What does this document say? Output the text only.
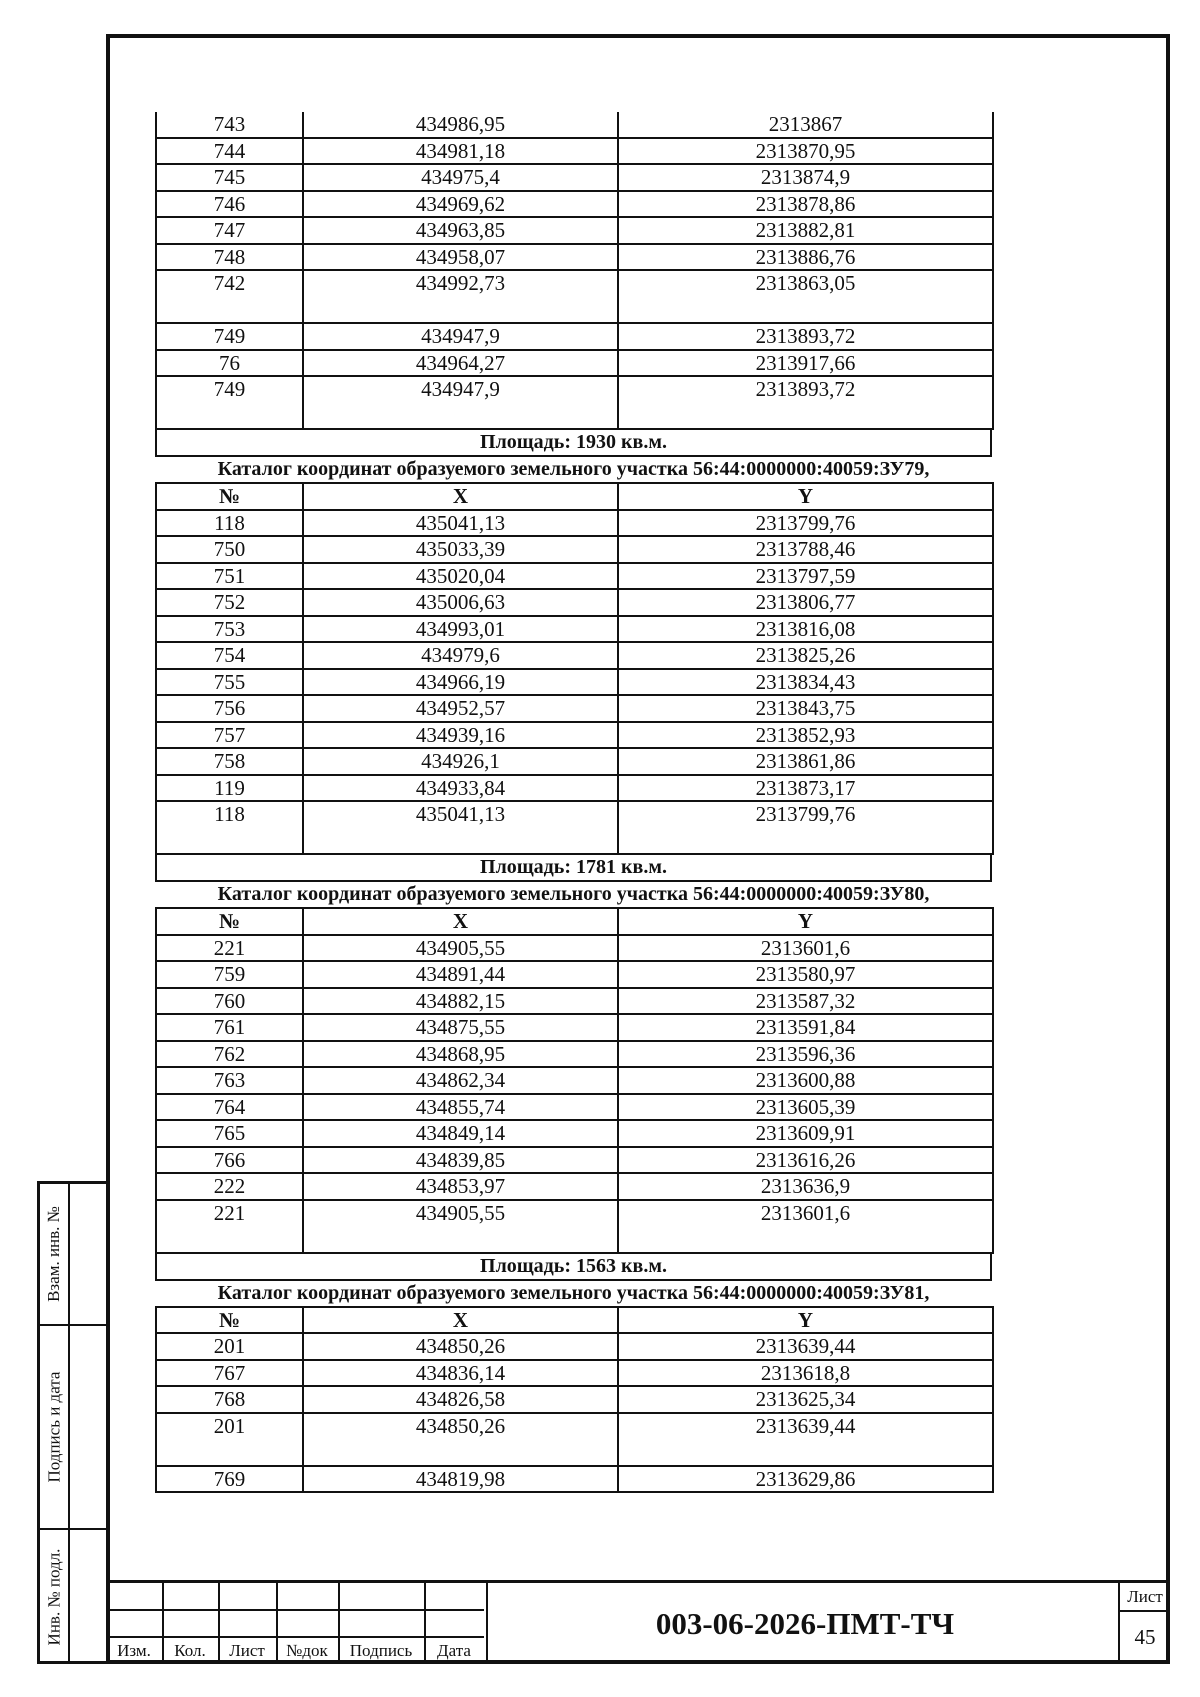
Взам. инв. №
Подпись и дата
Инв. № подл.
743	434986,95	2313867
744	434981,18	2313870,95
745	434975,4	2313874,9
746	434969,62	2313878,86
747	434963,85	2313882,81
748	434958,07	2313886,76
742	434992,73	2313863,05
749	434947,9	2313893,72
76	434964,27	2313917,66
749	434947,9	2313893,72
Площадь: 1930 кв.м.
Каталог координат образуемого земельного участка 56:44:0000000:40059:ЗУ79,
№	X	Y
118	435041,13	2313799,76
750	435033,39	2313788,46
751	435020,04	2313797,59
752	435006,63	2313806,77
753	434993,01	2313816,08
754	434979,6	2313825,26
755	434966,19	2313834,43
756	434952,57	2313843,75
757	434939,16	2313852,93
758	434926,1	2313861,86
119	434933,84	2313873,17
118	435041,13	2313799,76
Площадь: 1781 кв.м.
Каталог координат образуемого земельного участка 56:44:0000000:40059:ЗУ80,
№	X	Y
221	434905,55	2313601,6
759	434891,44	2313580,97
760	434882,15	2313587,32
761	434875,55	2313591,84
762	434868,95	2313596,36
763	434862,34	2313600,88
764	434855,74	2313605,39
765	434849,14	2313609,91
766	434839,85	2313616,26
222	434853,97	2313636,9
221	434905,55	2313601,6
Площадь: 1563 кв.м.
Каталог координат образуемого земельного участка 56:44:0000000:40059:ЗУ81,
№	X	Y
201	434850,26	2313639,44
767	434836,14	2313618,8
768	434826,58	2313625,34
201	434850,26	2313639,44
769	434819,98	2313629,86
Изм.	Кол.	Лист	№док	Подпись	Дата
003-06-2026-ПМТ-ТЧ
Лист
45
